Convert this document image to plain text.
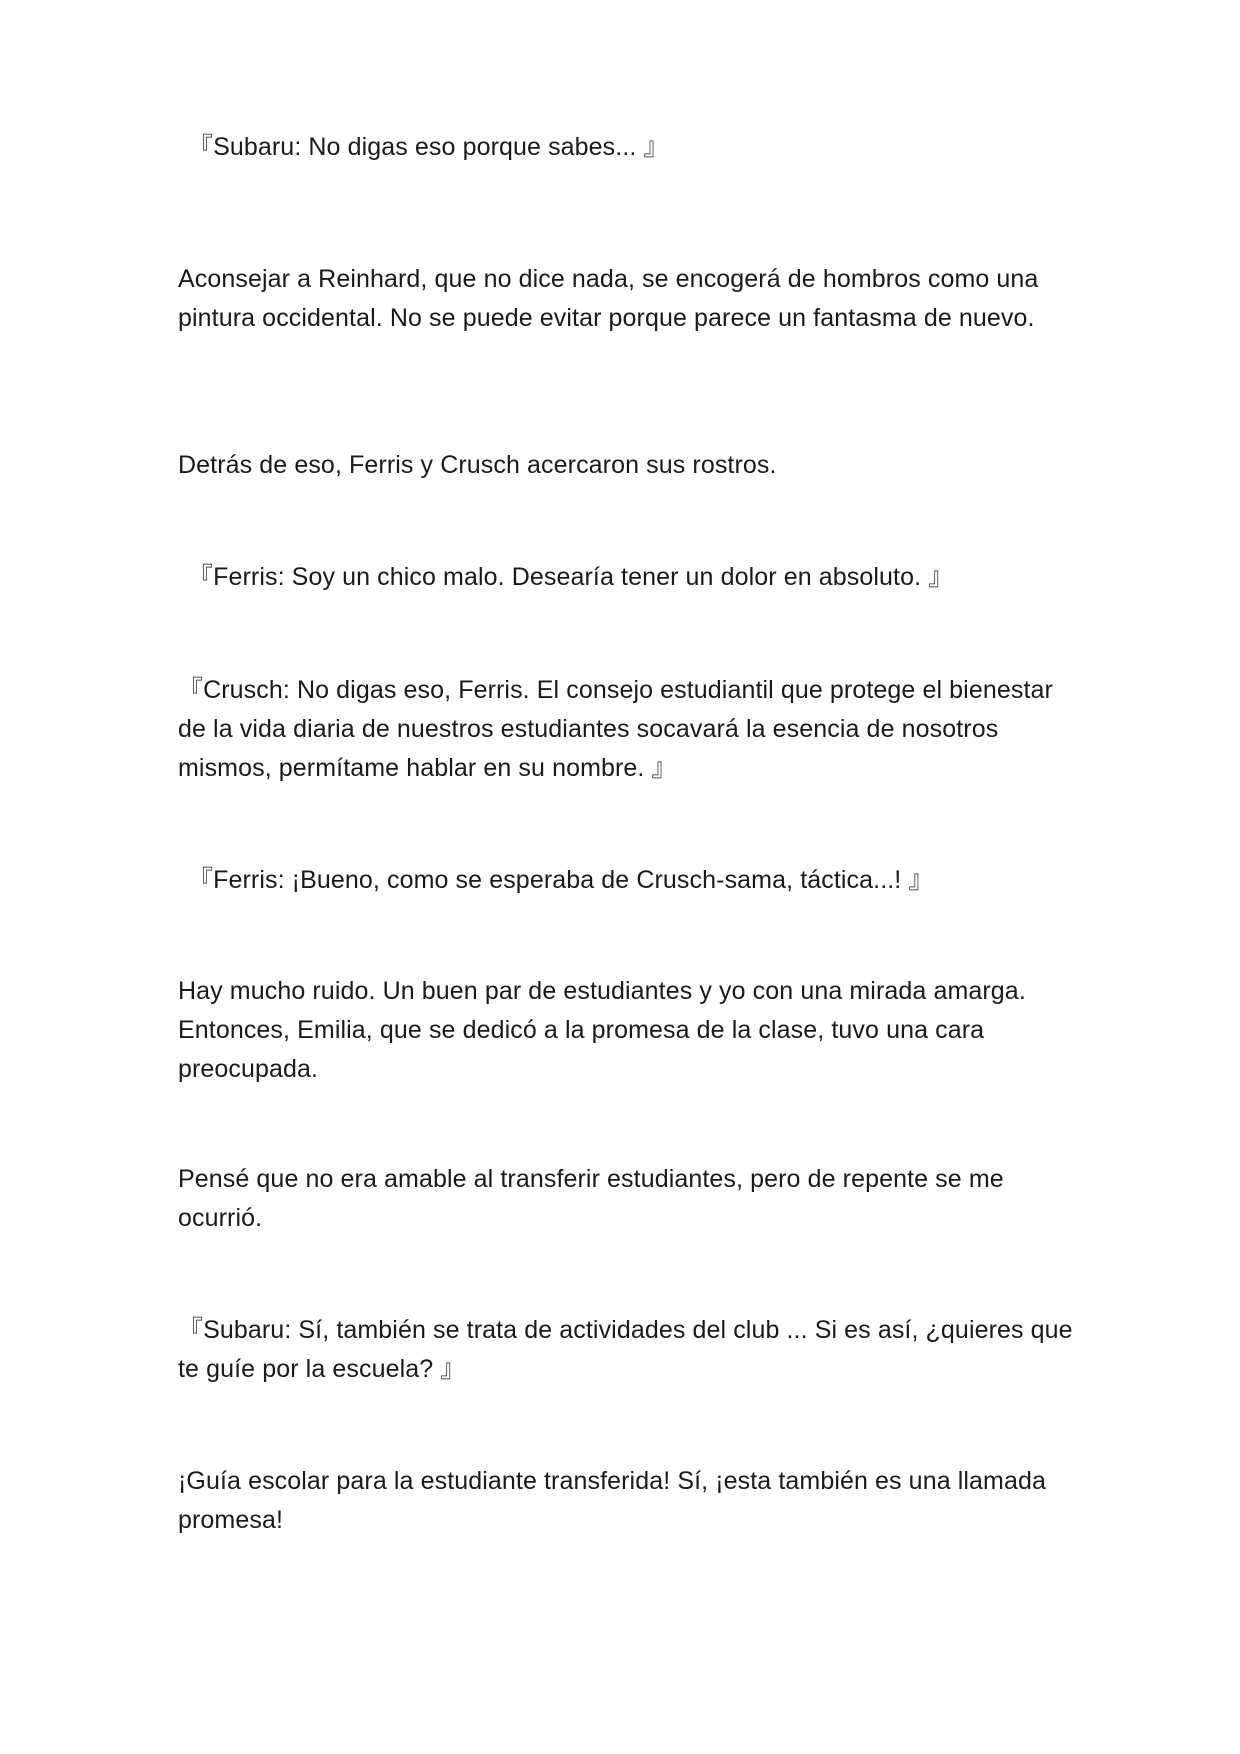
『Subaru: No digas eso porque sabes... 』

Aconsejar a Reinhard, que no dice nada, se encogerá de hombros como una pintura occidental. No se puede evitar porque parece un fantasma de nuevo.

Detrás de eso, Ferris y Crusch acercaron sus rostros.

『Ferris: Soy un chico malo. Desearía tener un dolor en absoluto. 』

『Crusch: No digas eso, Ferris. El consejo estudiantil que protege el bienestar de la vida diaria de nuestros estudiantes socavará la esencia de nosotros mismos, permítame hablar en su nombre. 』

『Ferris: ¡Bueno, como se esperaba de Crusch-sama, táctica...! 』

Hay mucho ruido. Un buen par de estudiantes y yo con una mirada amarga. Entonces, Emilia, que se dedicó a la promesa de la clase, tuvo una cara preocupada.

Pensé que no era amable al transferir estudiantes, pero de repente se me ocurrió.

『Subaru: Sí, también se trata de actividades del club ... Si es así, ¿quieres que te guíe por la escuela? 』

¡Guía escolar para la estudiante transferida! Sí, ¡esta también es una llamada promesa!
